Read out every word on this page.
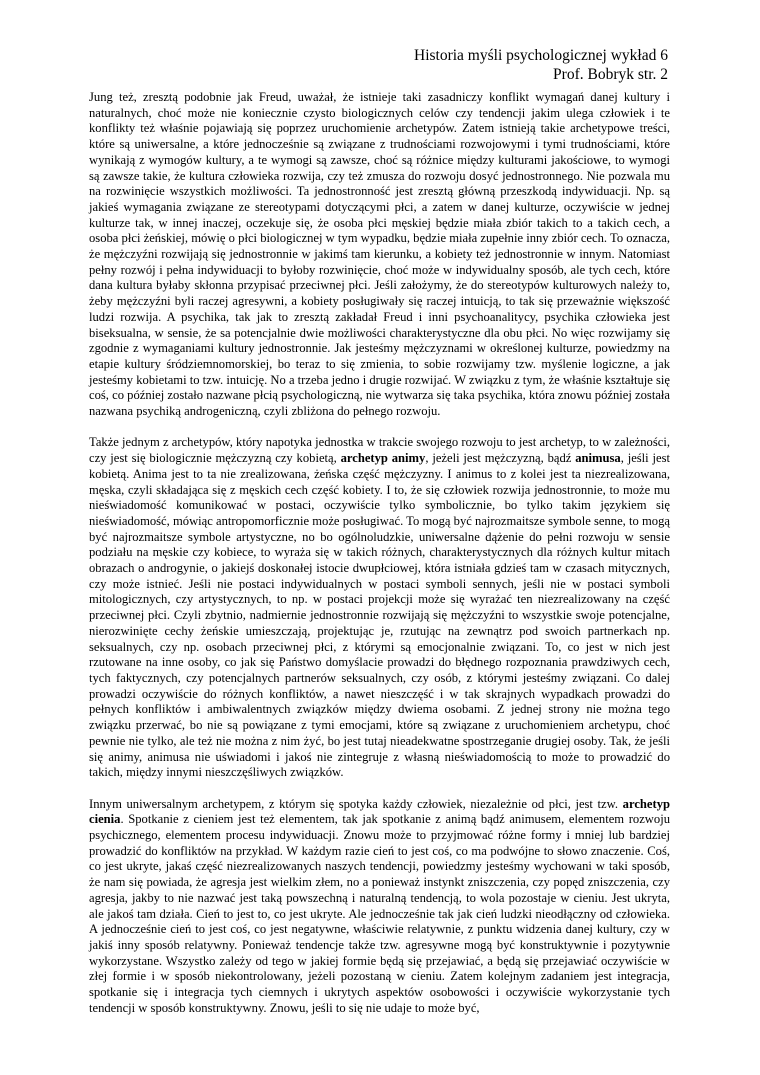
Historia myśli psychologicznej wykład 6
Prof. Bobryk str. 2

Jung też, zresztą podobnie jak Freud, uważał, że istnieje taki zasadniczy konflikt wymagań danej kultury i naturalnych, choć może nie koniecznie czysto biologicznych celów czy tendencji jakim ulega człowiek i te konflikty też właśnie pojawiają się poprzez uruchomienie archetypów. Zatem istnieją takie archetypowe treści, które są uniwersalne, a które jednocześnie są związane z trudnościami rozwojowymi i tymi trudnościami, które wynikają z wymogów kultury, a te wymogi są zawsze, choć są różnice między kulturami jakościowe, to wymogi są zawsze takie, że kultura człowieka rozwija, czy też zmusza do rozwoju dosyć jednostronnego. Nie pozwala mu na rozwinięcie wszystkich możliwości. Ta jednostronność jest zresztą główną przeszkodą indywiduacji. Np. są jakieś wymagania związane ze stereotypami dotyczącymi płci, a zatem w danej kulturze, oczywiście w jednej kulturze tak, w innej inaczej, oczekuje się, że osoba płci męskiej będzie miała zbiór takich to a takich cech, a osoba płci żeńskiej, mówię o płci biologicznej w tym wypadku, będzie miała zupełnie inny zbiór cech. To oznacza, że mężczyźni rozwijają się jednostronnie w jakimś tam kierunku, a kobiety też jednostronnie w innym. Natomiast pełny rozwój i pełna indywiduacji to byłoby rozwinięcie, choć może w indywidualny sposób, ale tych cech, które dana kultura byłaby skłonna przypisać przeciwnej płci. Jeśli założymy, że do stereotypów kulturowych należy to, żeby mężczyźni byli raczej agresywni, a kobiety posługiwały się raczej intuicją, to tak się przeważnie większość ludzi rozwija. A psychika, tak jak to zresztą zakładał Freud i inni psychoanalitycy, psychika człowieka jest biseksualna, w sensie, że sa potencjalnie dwie możliwości charakterystyczne dla obu płci. No więc rozwijamy się zgodnie z wymaganiami kultury jednostronnie. Jak jesteśmy mężczyznami w określonej kulturze, powiedzmy na etapie kultury śródziemnomorskiej, bo teraz to się zmienia, to sobie rozwijamy tzw. myślenie logiczne, a jak jesteśmy kobietami to tzw. intuicję. No a trzeba jedno i drugie rozwijać. W związku z tym, że właśnie kształtuje się coś, co później zostało nazwane płcią psychologiczną, nie wytwarza się taka psychika, która znowu później została nazwana psychiką androgeniczną, czyli zbliżona do pełnego rozwoju.

Także jednym z archetypów, który napotyka jednostka w trakcie swojego rozwoju to jest archetyp, to w zależności, czy jest się biologicznie mężczyzną czy kobietą, archetyp animy, jeżeli jest mężczyzną, bądź animusa, jeśli jest kobietą. Anima jest to ta nie zrealizowana, żeńska część mężczyzny. I animus to z kolei jest ta niezrealizowana, męska, czyli składająca się z męskich cech część kobiety. I to, że się człowiek rozwija jednostronnie, to może mu nieświadomość komunikować w postaci, oczywiście tylko symbolicznie, bo tylko takim językiem się nieświadomość, mówiąc antropomorficznie może posługiwać. To mogą być najrozmaitsze symbole senne, to mogą być najrozmaitsze symbole artystyczne, no bo ogólnoludzkie, uniwersalne dążenie do pełni rozwoju w sensie podziału na męskie czy kobiece, to wyraża się w takich różnych, charakterystycznych dla różnych kultur mitach obrazach o androgynie, o jakiejś doskonałej istocie dwupłciowej, która istniała gdzieś tam w czasach mitycznych, czy może istnieć. Jeśli nie postaci indywidualnych w postaci symboli sennych, jeśli nie w postaci symboli mitologicznych, czy artystycznych, to np. w postaci projekcji może się wyrażać ten niezrealizowany na część przeciwnej płci. Czyli zbytnio, nadmiernie jednostronnie rozwijają się mężczyźni to wszystkie swoje potencjalne, nierozwinięte cechy żeńskie umieszczają, projektując je, rzutując na zewnątrz pod swoich partnerkach np. seksualnych, czy np. osobach przeciwnej płci, z którymi są emocjonalnie związani. To, co jest w nich jest rzutowane na inne osoby, co jak się Państwo domyślacie prowadzi do błędnego rozpoznania prawdziwych cech, tych faktycznych, czy potencjalnych partnerów seksualnych, czy osób, z którymi jesteśmy związani. Co dalej prowadzi oczywiście do różnych konfliktów, a nawet nieszczęść i w tak skrajnych wypadkach prowadzi do pełnych konfliktów i ambiwalentnych związków między dwiema osobami. Z jednej strony nie można tego związku przerwać, bo nie są powiązane z tymi emocjami, które są związane z uruchomieniem archetypu, choć pewnie nie tylko, ale też nie można z nim żyć, bo jest tutaj nieadekwatne spostrzeganie drugiej osoby. Tak, że jeśli się animy, animusa nie uświadomi i jakoś nie zintegruje z własną nieświadomością to może to prowadzić do takich, między innymi nieszczęśliwych związków.

Innym uniwersalnym archetypem, z którym się spotyka każdy człowiek, niezależnie od płci, jest tzw. archetyp cienia. Spotkanie z cieniem jest też elementem, tak jak spotkanie z animą bądź animusem, elementem rozwoju psychicznego, elementem procesu indywiduacji. Znowu może to przyjmować różne formy i mniej lub bardziej prowadzić do konfliktów na przykład. W każdym razie cień to jest coś, co ma podwójne to słowo znaczenie. Coś, co jest ukryte, jakaś część niezrealizowanych naszych tendencji, powiedzmy jesteśmy wychowani w taki sposób, że nam się powiada, że agresja jest wielkim złem, no a ponieważ instynkt zniszczenia, czy popęd zniszczenia, czy agresja, jakby to nie nazwać jest taką powszechną i naturalną tendencją, to wola pozostaje w cieniu. Jest ukryta, ale jakoś tam działa. Cień to jest to, co jest ukryte. Ale jednocześnie tak jak cień ludzki nieodłączny od człowieka. A jednocześnie cień to jest coś, co jest negatywne, właściwie relatywnie, z punktu widzenia danej kultury, czy w jakiś inny sposób relatywny. Ponieważ tendencje także tzw. agresywne mogą być konstruktywnie i pozytywnie wykorzystane. Wszystko zależy od tego w jakiej formie będą się przejawiać, a będą się przejawiać oczywiście w złej formie i w sposób niekontrolowany, jeżeli pozostaną w cieniu. Zatem kolejnym zadaniem jest integracja, spotkanie się i integracja tych ciemnych i ukrytych aspektów osobowości i oczywiście wykorzystanie tych tendencji w sposób konstruktywny. Znowu, jeśli to się nie udaje to może być,
